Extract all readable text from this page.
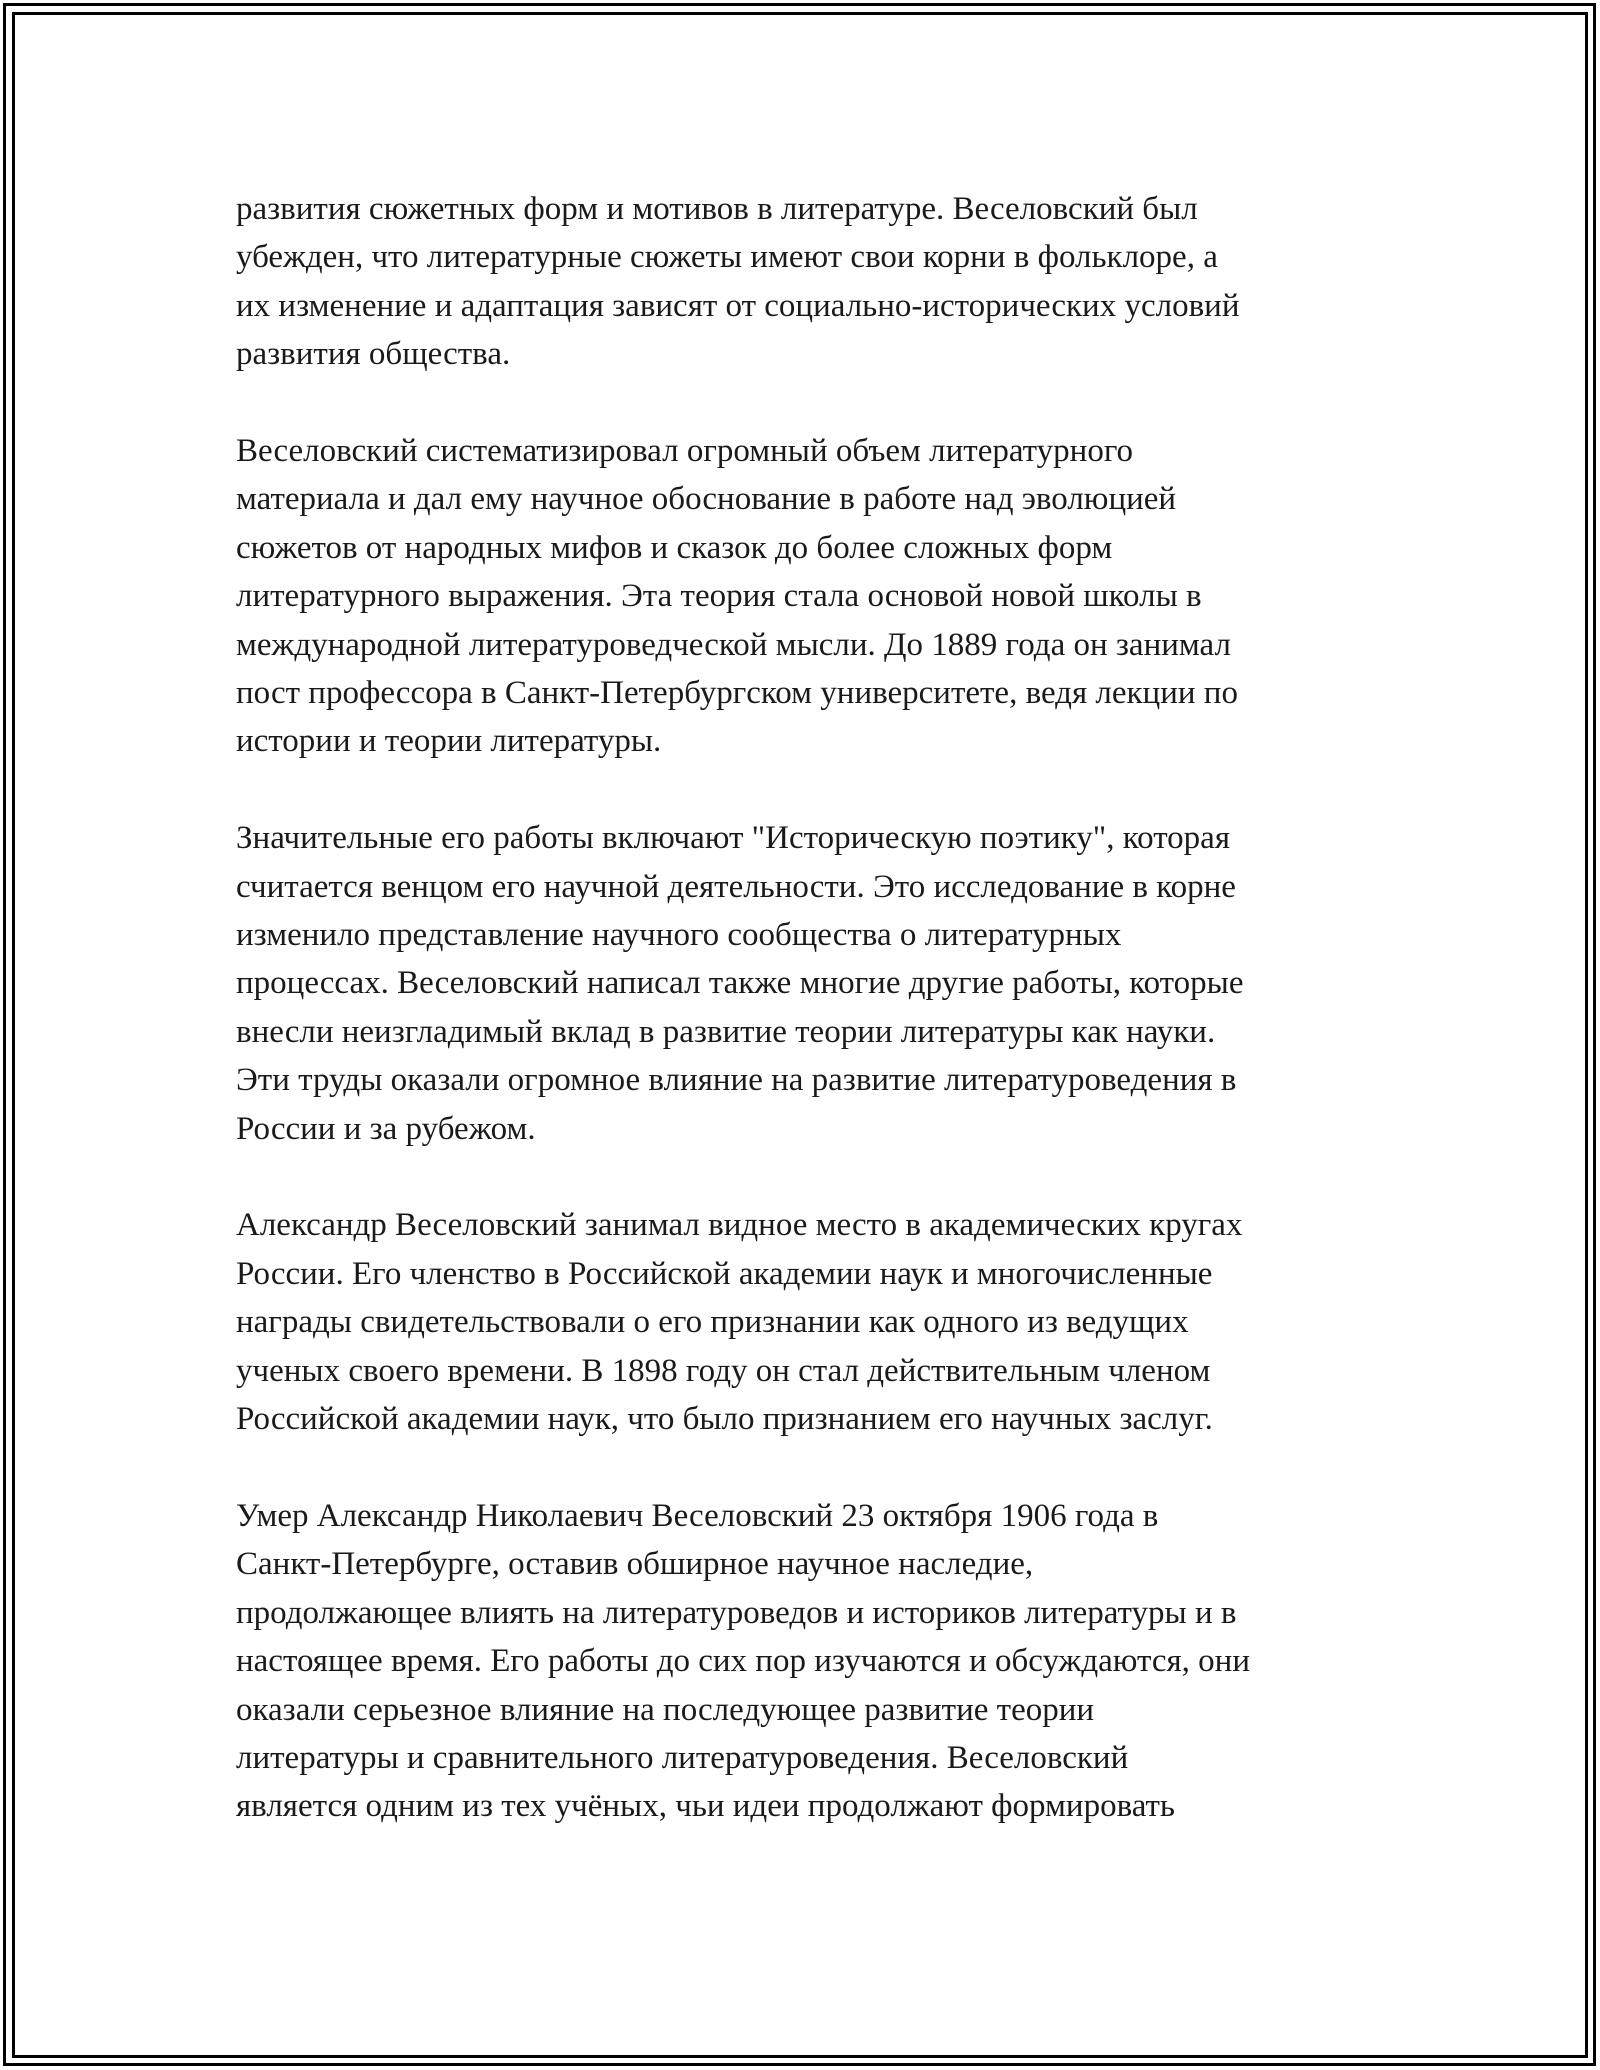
развития сюжетных форм и мотивов в литературе. Веселовский был
убежден, что литературные сюжеты имеют свои корни в фольклоре, а
их изменение и адаптация зависят от социально-исторических условий
развития общества.

Веселовский систематизировал огромный объем литературного
материала и дал ему научное обоснование в работе над эволюцией
сюжетов от народных мифов и сказок до более сложных форм
литературного выражения. Эта теория стала основой новой школы в
международной литературоведческой мысли. До 1889 года он занимал
пост профессора в Санкт-Петербургском университете, ведя лекции по
истории и теории литературы.

Значительные его работы включают "Историческую поэтику", которая
считается венцом его научной деятельности. Это исследование в корне
изменило представление научного сообщества о литературных
процессах. Веселовский написал также многие другие работы, которые
внесли неизгладимый вклад в развитие теории литературы как науки.
Эти труды оказали огромное влияние на развитие литературоведения в
России и за рубежом.

Александр Веселовский занимал видное место в академических кругах
России. Его членство в Российской академии наук и многочисленные
награды свидетельствовали о его признании как одного из ведущих
ученых своего времени. В 1898 году он стал действительным членом
Российской академии наук, что было признанием его научных заслуг.

Умер Александр Николаевич Веселовский 23 октября 1906 года в
Санкт-Петербурге, оставив обширное научное наследие,
продолжающее влиять на литературоведов и историков литературы и в
настоящее время. Его работы до сих пор изучаются и обсуждаются, они
оказали серьезное влияние на последующее развитие теории
литературы и сравнительного литературоведения. Веселовский
является одним из тех учёных, чьи идеи продолжают формировать
